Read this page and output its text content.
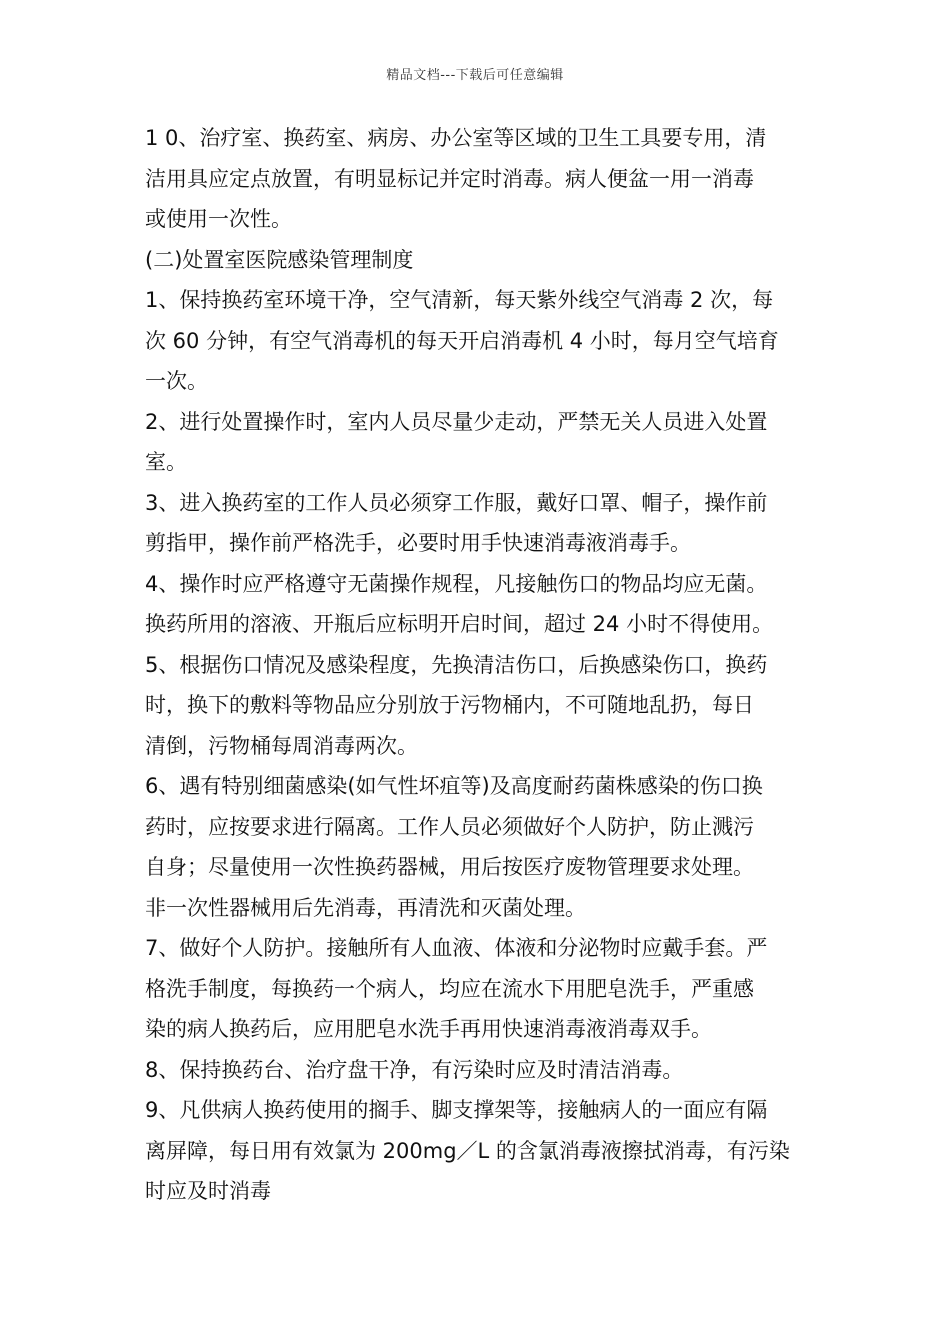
精品文档---下载后可任意编辑
1 0、治疗室、换药室、病房、办公室等区域的卫生工具要专用，清
洁用具应定点放置，有明显标记并定时消毒。病人便盆一用一消毒
或使用一次性。
(二)处置室医院感染管理制度
1、保持换药室环境干净，空气清新，每天紫外线空气消毒 2 次，每
次 60 分钟，有空气消毒机的每天开启消毒机 4 小时，每月空气培育
一次。
2、进行处置操作时，室内人员尽量少走动，严禁无关人员进入处置
室。
3、进入换药室的工作人员必须穿工作服，戴好口罩、帽子，操作前
剪指甲，操作前严格洗手，必要时用手快速消毒液消毒手。
4、操作时应严格遵守无菌操作规程，凡接触伤口的物品均应无菌。
换药所用的溶液、开瓶后应标明开启时间，超过 24 小时不得使用。
5、根据伤口情况及感染程度，先换清洁伤口，后换感染伤口，换药
时，换下的敷料等物品应分别放于污物桶内，不可随地乱扔，每日
清倒，污物桶每周消毒两次。
6、遇有特别细菌感染(如气性坏疽等)及高度耐药菌株感染的伤口换
药时，应按要求进行隔离。工作人员必须做好个人防护，防止溅污
自身；尽量使用一次性换药器械，用后按医疗废物管理要求处理。
非一次性器械用后先消毒，再清洗和灭菌处理。
7、做好个人防护。接触所有人血液、体液和分泌物时应戴手套。严
格洗手制度，每换药一个病人，均应在流水下用肥皂洗手，严重感
染的病人换药后，应用肥皂水洗手再用快速消毒液消毒双手。
8、保持换药台、治疗盘干净，有污染时应及时清洁消毒。
9、凡供病人换药使用的搁手、脚支撑架等，接触病人的一面应有隔
离屏障，每日用有效氯为 200mg／L 的含氯消毒液擦拭消毒，有污染
时应及时消毒
